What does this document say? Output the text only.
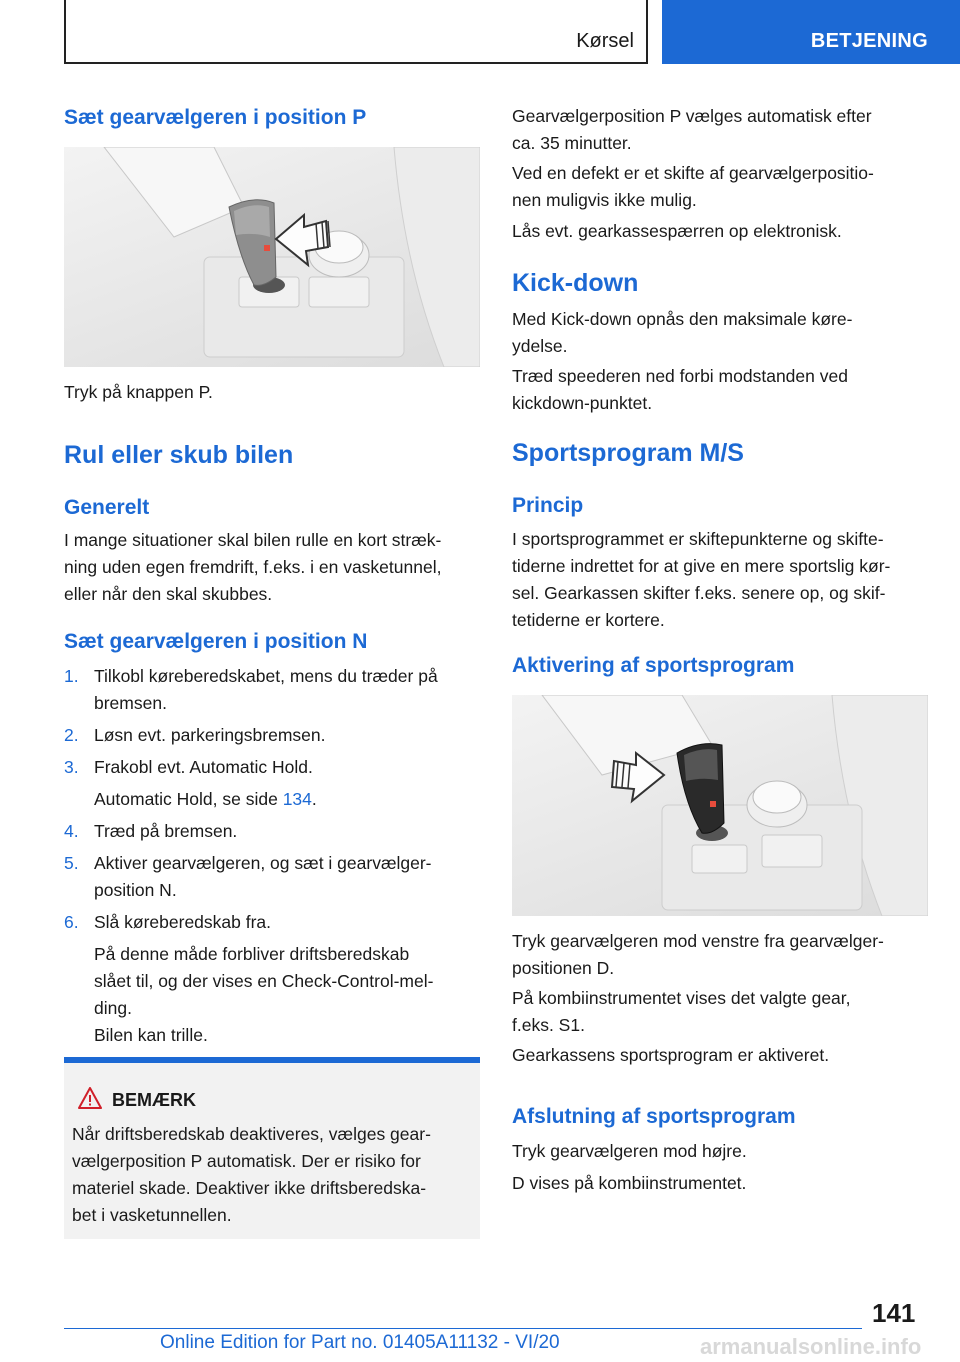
Kørsel	BETJENING
Sæt gearvælgeren i position P
Tryk på knappen P.
Rul eller skub bilen
Generelt
I mange situationer skal bilen rulle en kort stræk-
ning uden egen fremdrift, f.eks. i en vasketunnel,
eller når den skal skubbes.
Sæt gearvælgeren i position N
1. Tilkobl køreberedskabet, mens du træder på
bremsen.
2. Løsn evt. parkeringsbremsen.
3. Frakobl evt. Automatic Hold.
Automatic Hold, se side 134.
4. Træd på bremsen.
5. Aktiver gearvælgeren, og sæt i gearvælger-
position N.
6. Slå køreberedskab fra.
På denne måde forbliver driftsberedskab
slået til, og der vises en Check-Control-mel-
ding.
Bilen kan trille.
BEMÆRK
Når driftsberedskab deaktiveres, vælges gear-
vælgerposition P automatisk. Der er risiko for
materiel skade. Deaktiver ikke driftsberedska-
bet i vasketunnellen.
Gearvælgerposition P vælges automatisk efter
ca. 35 minutter.
Ved en defekt er et skifte af gearvælgerpositio-
nen muligvis ikke mulig.
Lås evt. gearkassespærren op elektronisk.
Kick-down
Med Kick-down opnås den maksimale køre-
ydelse.
Træd speederen ned forbi modstanden ved
kickdown-punktet.
Sportsprogram M/S
Princip
I sportsprogrammet er skiftepunkterne og skifte-
tiderne indrettet for at give en mere sportslig kør-
sel. Gearkassen skifter f.eks. senere op, og skif-
tetiderne er kortere.
Aktivering af sportsprogram
Tryk gearvælgeren mod venstre fra gearvælger-
positionen D.
På kombiinstrumentet vises det valgte gear,
f.eks. S1.
Gearkassens sportsprogram er aktiveret.
Afslutning af sportsprogram
Tryk gearvælgeren mod højre.
D vises på kombiinstrumentet.
141
Online Edition for Part no. 01405A11132 - VI/20	armanualsonline.info
